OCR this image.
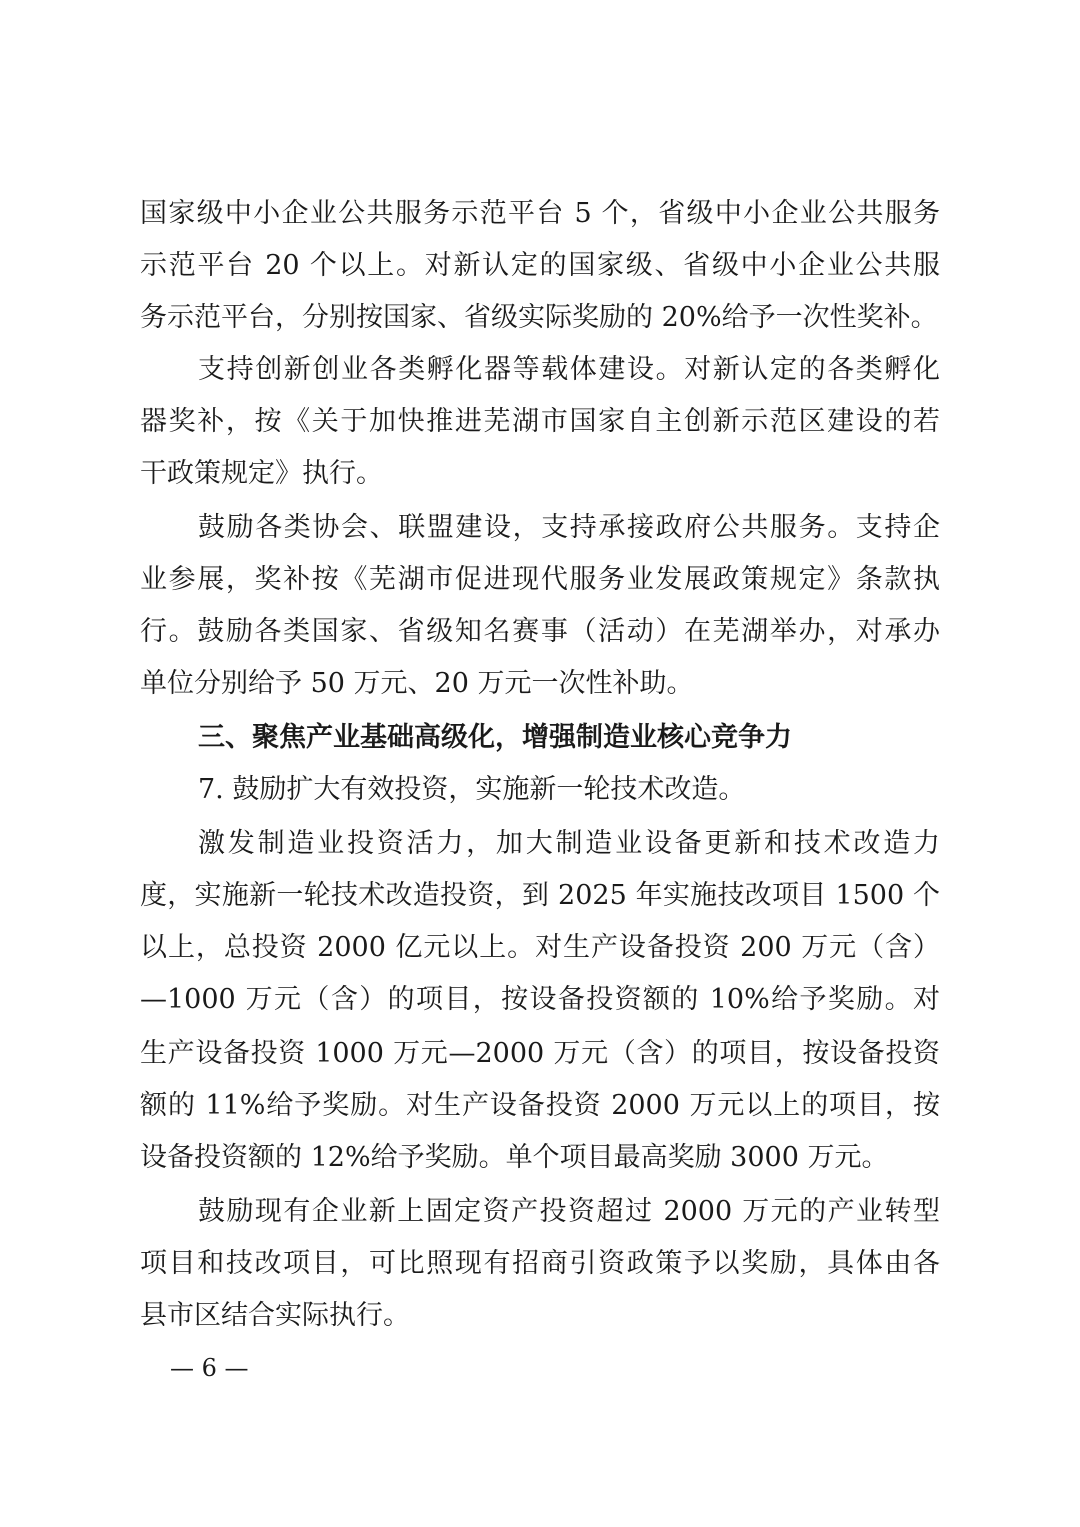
国家级中小企业公共服务示范平台 5 个，省级中小企业公共服务
示范平台 20 个以上。对新认定的国家级、省级中小企业公共服
务示范平台，分别按国家、省级实际奖励的 20%给予一次性奖补。
支持创新创业各类孵化器等载体建设。对新认定的各类孵化
器奖补，按《关于加快推进芜湖市国家自主创新示范区建设的若
干政策规定》执行。
鼓励各类协会、联盟建设，支持承接政府公共服务。支持企
业参展，奖补按《芜湖市促进现代服务业发展政策规定》条款执
行。鼓励各类国家、省级知名赛事（活动）在芜湖举办，对承办
单位分别给予 50 万元、20 万元一次性补助。
三、聚焦产业基础高级化，增强制造业核心竞争力
7. 鼓励扩大有效投资，实施新一轮技术改造。
激发制造业投资活力，加大制造业设备更新和技术改造力
度，实施新一轮技术改造投资，到 2025 年实施技改项目 1500 个
以上，总投资 2000 亿元以上。对生产设备投资 200 万元（含）
—1000 万元（含）的项目，按设备投资额的 10%给予奖励。对
生产设备投资 1000 万元—2000 万元（含）的项目，按设备投资
额的 11%给予奖励。对生产设备投资 2000 万元以上的项目，按
设备投资额的 12%给予奖励。单个项目最高奖励 3000 万元。
鼓励现有企业新上固定资产投资超过 2000 万元的产业转型
项目和技改项目，可比照现有招商引资政策予以奖励，具体由各
县市区结合实际执行。
— 6 —
